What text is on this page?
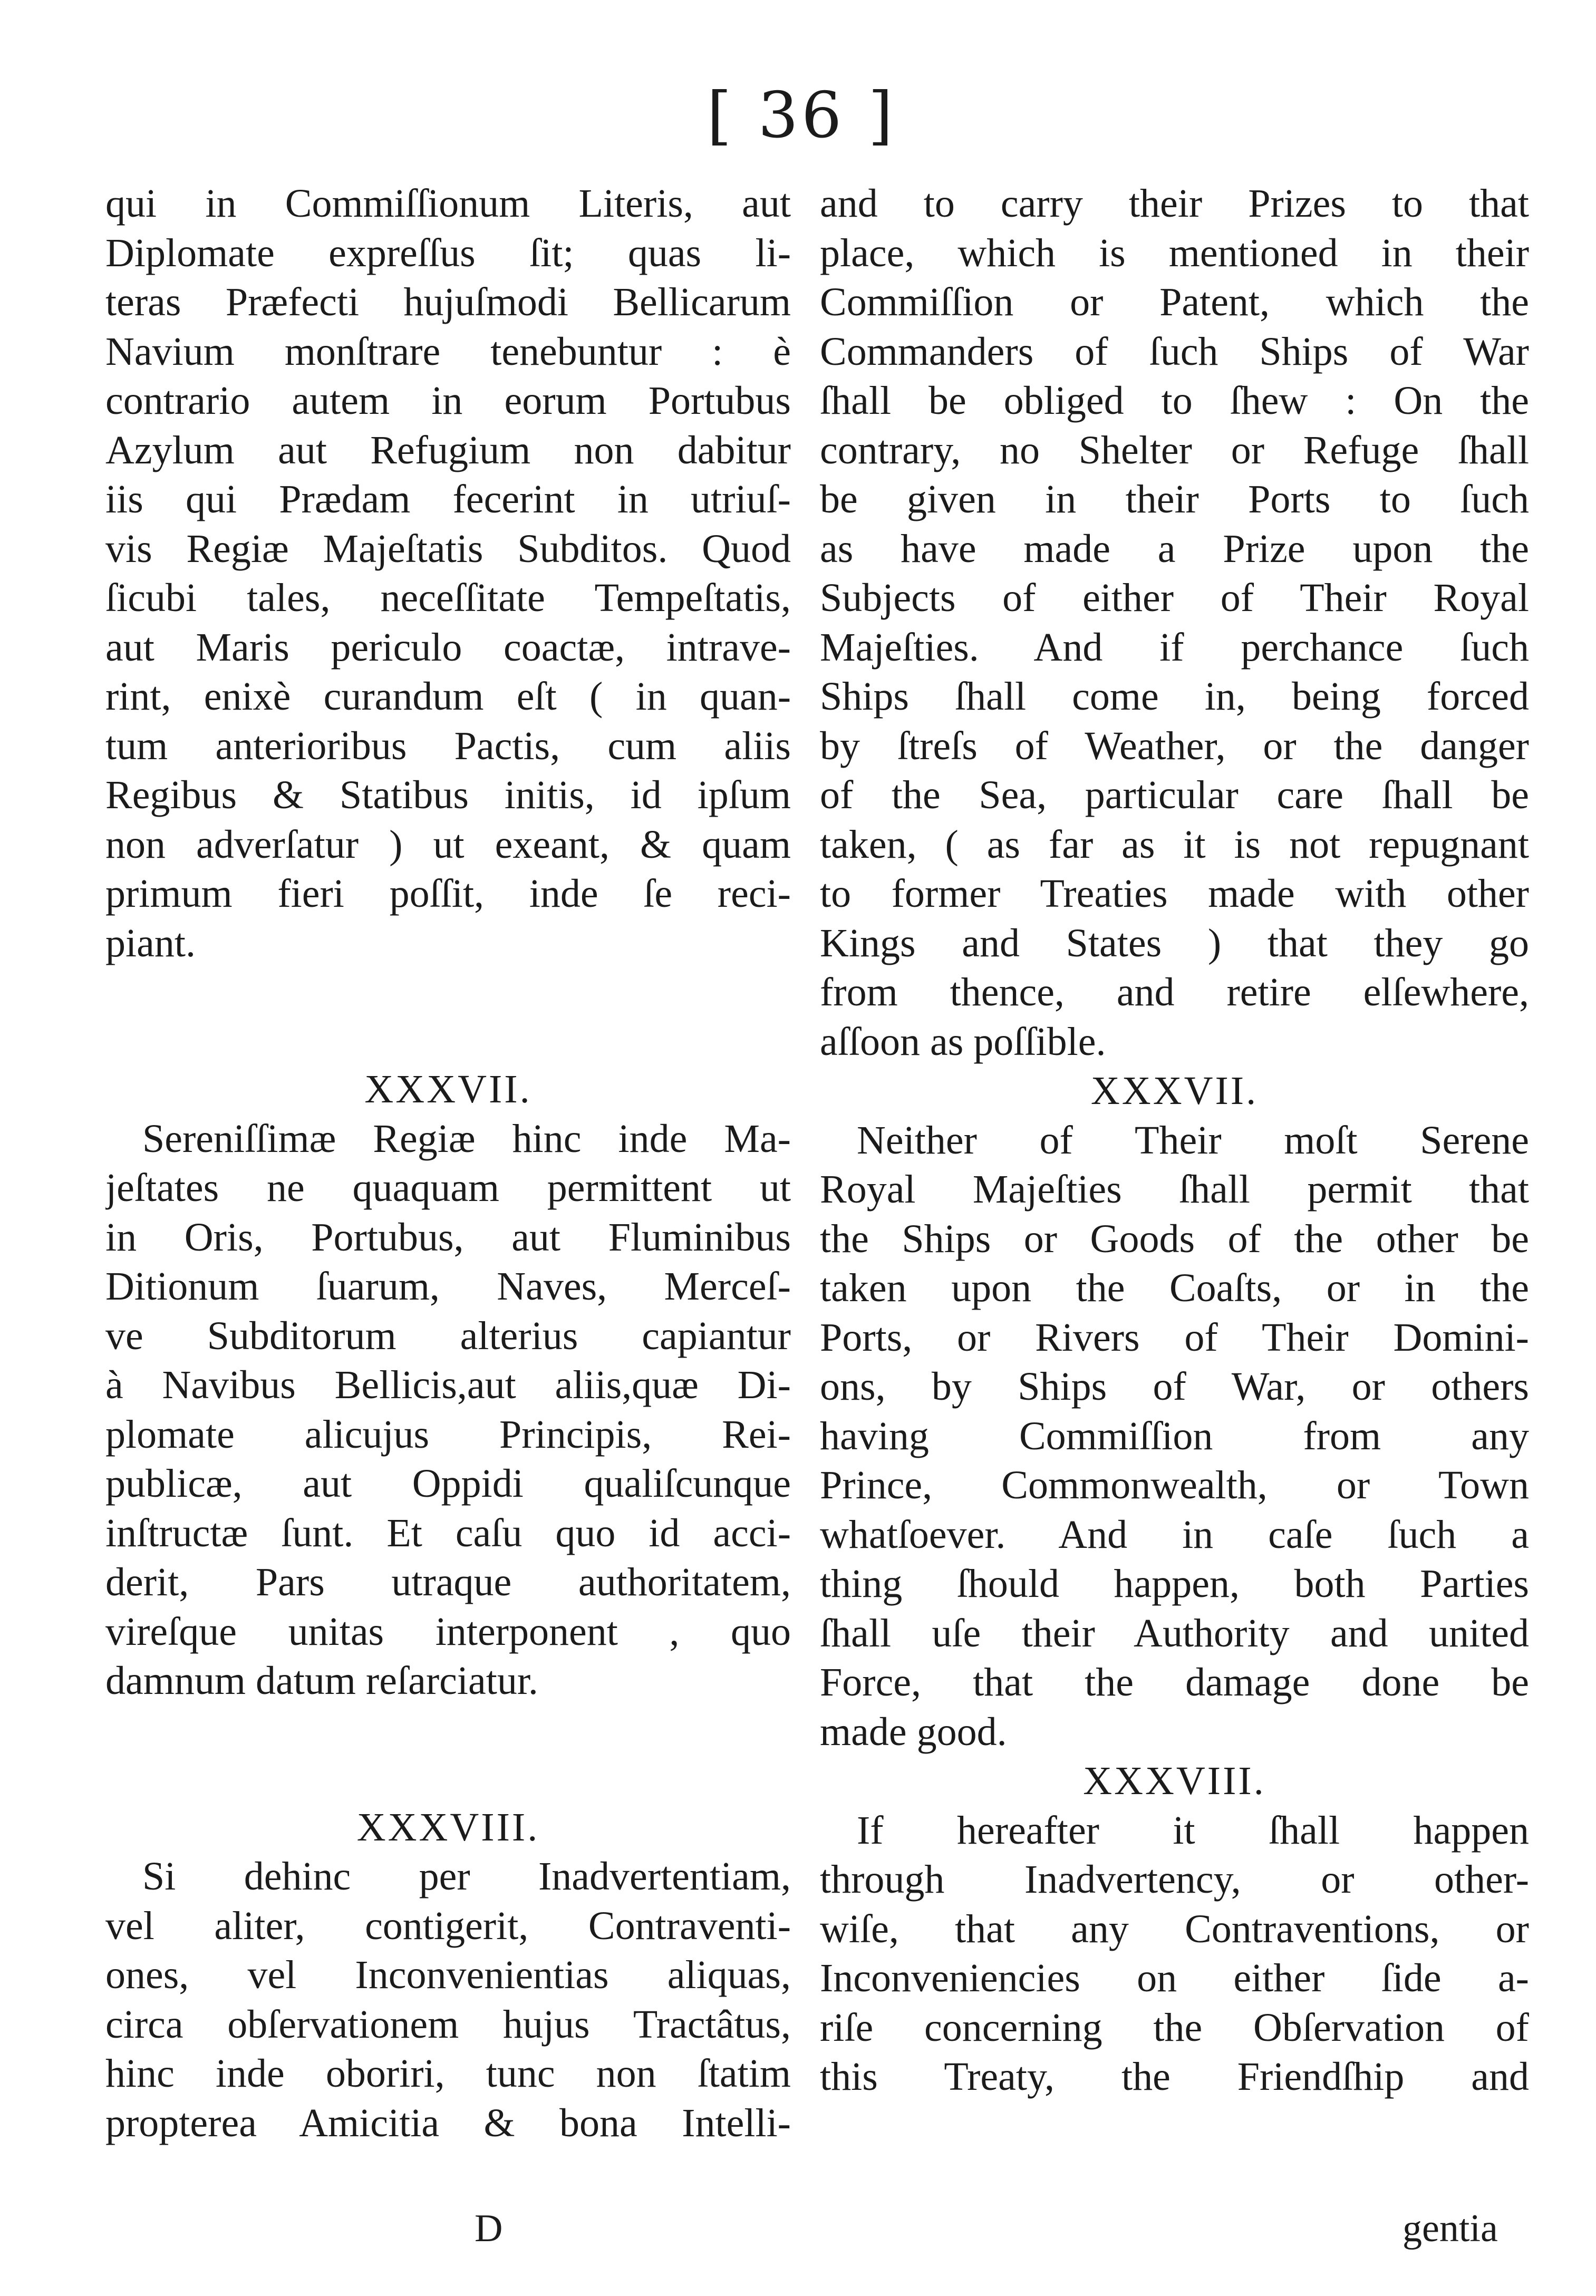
[ 36 ]
qui in Commiſſionum Literis, aut
Diplomate expreſſus ſit; quas li-
teras Præfecti hujuſmodi Bellicarum
Navium monſtrare tenebuntur : è
contrario autem in eorum Portubus
Azylum aut Refugium non dabitur
iis qui Prædam fecerint in utriuſ-
vis Regiæ Majeſtatis Subditos. Quod
ſicubi tales, neceſſitate Tempeſtatis,
aut Maris periculo coactæ, intrave-
rint, enixè curandum eſt ( in quan-
tum anterioribus Pactis, cum aliis
Regibus & Statibus initis, id ipſum
non adverſatur ) ut exeant, & quam
primum fieri poſſit, inde ſe reci-
piant.
XXXVII.
Sereniſſimæ Regiæ hinc inde Ma-
jeſtates ne quaquam permittent ut
in Oris, Portubus, aut Fluminibus
Ditionum ſuarum, Naves, Merceſ-
ve Subditorum alterius capiantur
à Navibus Bellicis,aut aliis,quæ Di-
plomate alicujus Principis, Rei-
publicæ, aut Oppidi qualiſcunque
inſtructæ ſunt. Et caſu quo id acci-
derit, Pars utraque authoritatem,
vireſque unitas interponent , quo
damnum datum reſarciatur.
XXXVIII.
Si dehinc per Inadvertentiam,
vel aliter, contigerit, Contraventi-
ones, vel Inconvenientias aliquas,
circa obſervationem hujus Tractâtus,
hinc inde oboriri, tunc non ſtatim
propterea Amicitia & bona Intelli-
and to carry their Prizes to that
place, which is mentioned in their
Commiſſion or Patent, which the
Commanders of ſuch Ships of War
ſhall be obliged to ſhew : On the
contrary, no Shelter or Refuge ſhall
be given in their Ports to ſuch
as have made a Prize upon the
Subjects of either of Their Royal
Majeſties. And if perchance ſuch
Ships ſhall come in, being forced
by ſtreſs of Weather, or the danger
of the Sea, particular care ſhall be
taken, ( as far as it is not repugnant
to former Treaties made with other
Kings and States ) that they go
from thence, and retire elſewhere,
aſſoon as poſſible.
XXXVII.
Neither of Their moſt Serene
Royal Majeſties ſhall permit that
the Ships or Goods of the other be
taken upon the Coaſts, or in the
Ports, or Rivers of Their Domini-
ons, by Ships of War, or others
having Commiſſion from any
Prince, Commonwealth, or Town
whatſoever. And in caſe ſuch a
thing ſhould happen, both Parties
ſhall uſe their Authority and united
Force, that the damage done be
made good.
XXXVIII.
If hereafter it ſhall happen
through Inadvertency, or other-
wiſe, that any Contraventions, or
Inconveniencies on either ſide a-
riſe concerning the Obſervation of
this Treaty, the Friendſhip and
D	gentia
